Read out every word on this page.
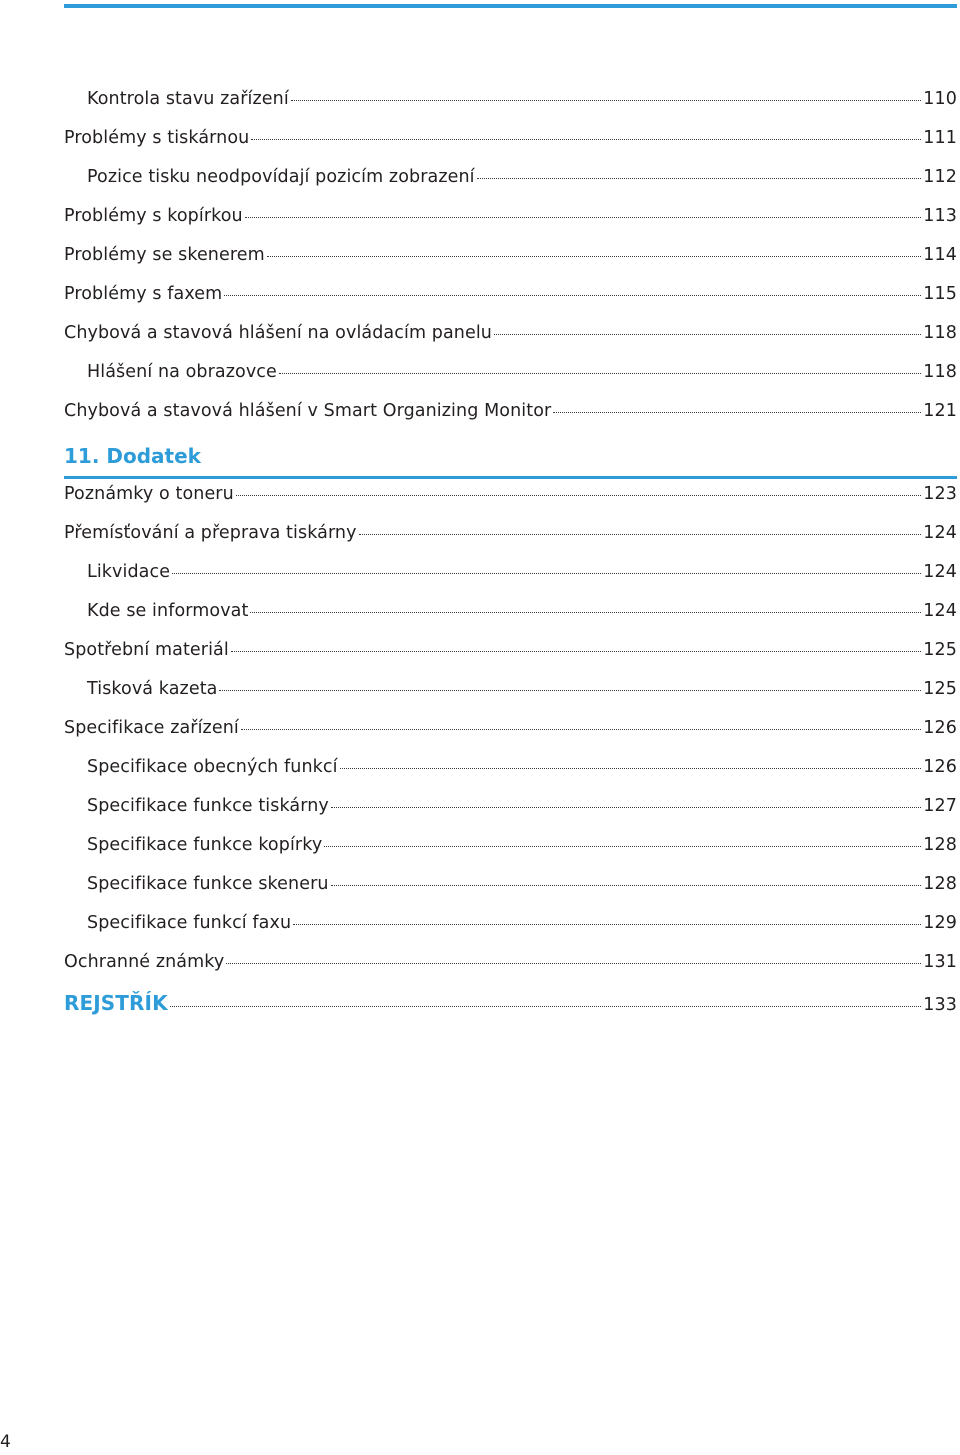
Kontrola stavu zařízení	110
Problémy s tiskárnou	111
Pozice tisku neodpovídají pozicím zobrazení	112
Problémy s kopírkou	113
Problémy se skenerem	114
Problémy s faxem	115
Chybová a stavová hlášení na ovládacím panelu	118
Hlášení na obrazovce	118
Chybová a stavová hlášení v Smart Organizing Monitor	121
11. Dodatek
Poznámky o toneru	123
Přemísťování a přeprava tiskárny	124
Likvidace	124
Kde se informovat	124
Spotřební materiál	125
Tisková kazeta	125
Specifikace zařízení	126
Specifikace obecných funkcí	126
Specifikace funkce tiskárny	127
Specifikace funkce kopírky	128
Specifikace funkce skeneru	128
Specifikace funkcí faxu	129
Ochranné známky	131
REJSTŘÍK	133
4
